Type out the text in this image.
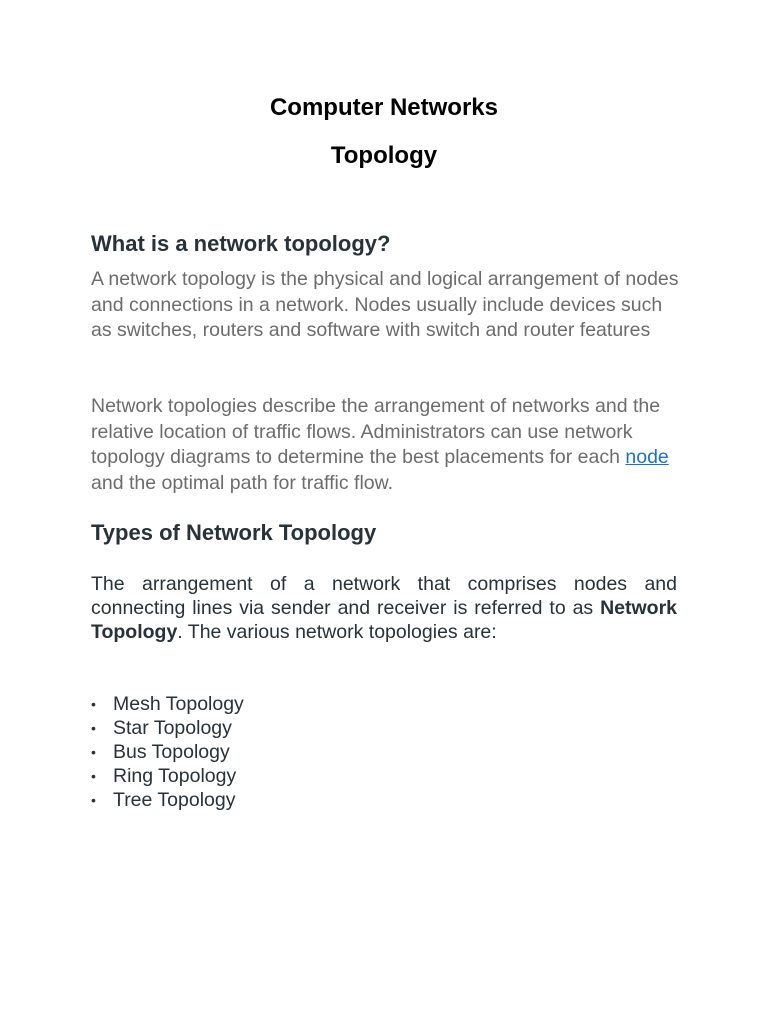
Computer Networks
Topology
What is a network topology?

A network topology is the physical and logical arrangement of nodes and connections in a network. Nodes usually include devices such as switches, routers and software with switch and router features

Network topologies describe the arrangement of networks and the relative location of traffic flows. Administrators can use network topology diagrams to determine the best placements for each node and the optimal path for traffic flow.

Types of Network Topology

The arrangement of a network that comprises nodes and connecting lines via sender and receiver is referred to as Network Topology. The various network topologies are:

• Mesh Topology
• Star Topology
• Bus Topology
• Ring Topology
• Tree Topology
